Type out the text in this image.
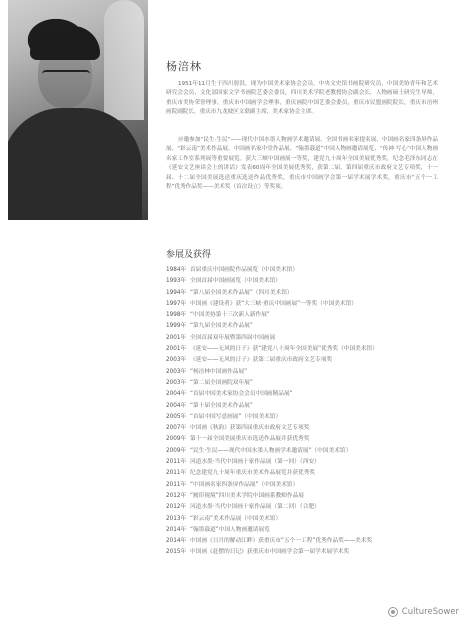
杨涪林

1951年11月生于四川射洪，现为中国美术家协会会员，中央文史馆书画院研究员，中国美协青年和艺术研究会会员，文化部国家文学书画院艺委会委员，四川美术学院老教授协会副会长，人物画硕士研究生导师，重庆市美协荣誉理事，重庆市中国画学会理事，重庆画院中国艺委会委员，重庆市民盟画院院长，重庆市涪州画院副院长，重庆市九龙坡区文联副主席，美术家协会主席。

应邀参加“民生·生民”——现代中国水墨人物画学术邀请展、全国书画名家提名展、中国画名家四条屏作品展、“彩云南”美术作品展、中国画名家中堂作品展、“翰墨载道”中国人物画邀请展览、“传神·写心”中国人物画名家工作室系列展等重要展览。获大三峡中国画展一等奖，建党九十周年全国美展优秀奖，纪念毛泽东同志在《延安文艺座谈会上的讲话》发表60周年全国美展优秀奖，获第二届、第四届重庆市政府文艺专项奖，十一届、十二届全国美展选送重庆选送作品优秀奖，重庆市中国画学会第一届学术展学术奖，重庆市“五个一工程”优秀作品奖——美术奖（首次设立）等奖项。

参展及获得
1984年 首届重庆中国画院作品展览（中国美术馆）
1993年 全国首届中国画展览（中国美术馆）
1994年 “第八届全国美术作品展”（四川美术馆）
1997年 中国画《建设者》获“大三峡·重庆中国画展”一等奖（中国美术馆）
1998年 “中国美协第十三次新人新作展”
1999年 “第九届全国美术作品展”
2001年 全国首届双年展暨第四届中国画展
2001年 《延安——无风的日子》获“建党八十周年全国美展”优秀奖（中国美术馆）
2003年 《延安——无风的日子》获第二届重庆市政府文艺专项奖
2003年 “杨涪林中国画作品展”
2003年 “第二届全国画院双年展”
2004年 “首届中国美术家协会会员中国画精品展”
2004年 “第十届全国美术作品展”
2005年 “首届中国写意画展”（中国美术馆）
2007年 中国画《秋韵》获第四届重庆市政府文艺专项奖
2009年 第十一届全国美展重庆市选送作品展并获优秀奖
2009年 “民生·生民——现代中国水墨人物画学术邀请展”（中国美术馆）
2011年 河道水墨·当代中国画十家作品展（第一回）（西安）
2011年 纪念建党九十周年重庆市美术作品展览并获优秀奖
2011年 “中国画名家四条屏作品展”（中国美术馆）
2012年 “履印视境”四川美术学院中国画系教师作品展
2012年 河道水墨·当代中国画十家作品展（第二回）（合肥）
2013年 “彩云南”美术作品展（中国美术馆）
2014年 “翰墨载道”中国人物画邀请展览
2014年 中国画《日月的解动江畔》获重庆市“五个一工程”优秀作品奖——美术奖
2015年 中国画《赶摆的日记》获重庆市中国画学会第一届学术展学术奖
CultureSower
